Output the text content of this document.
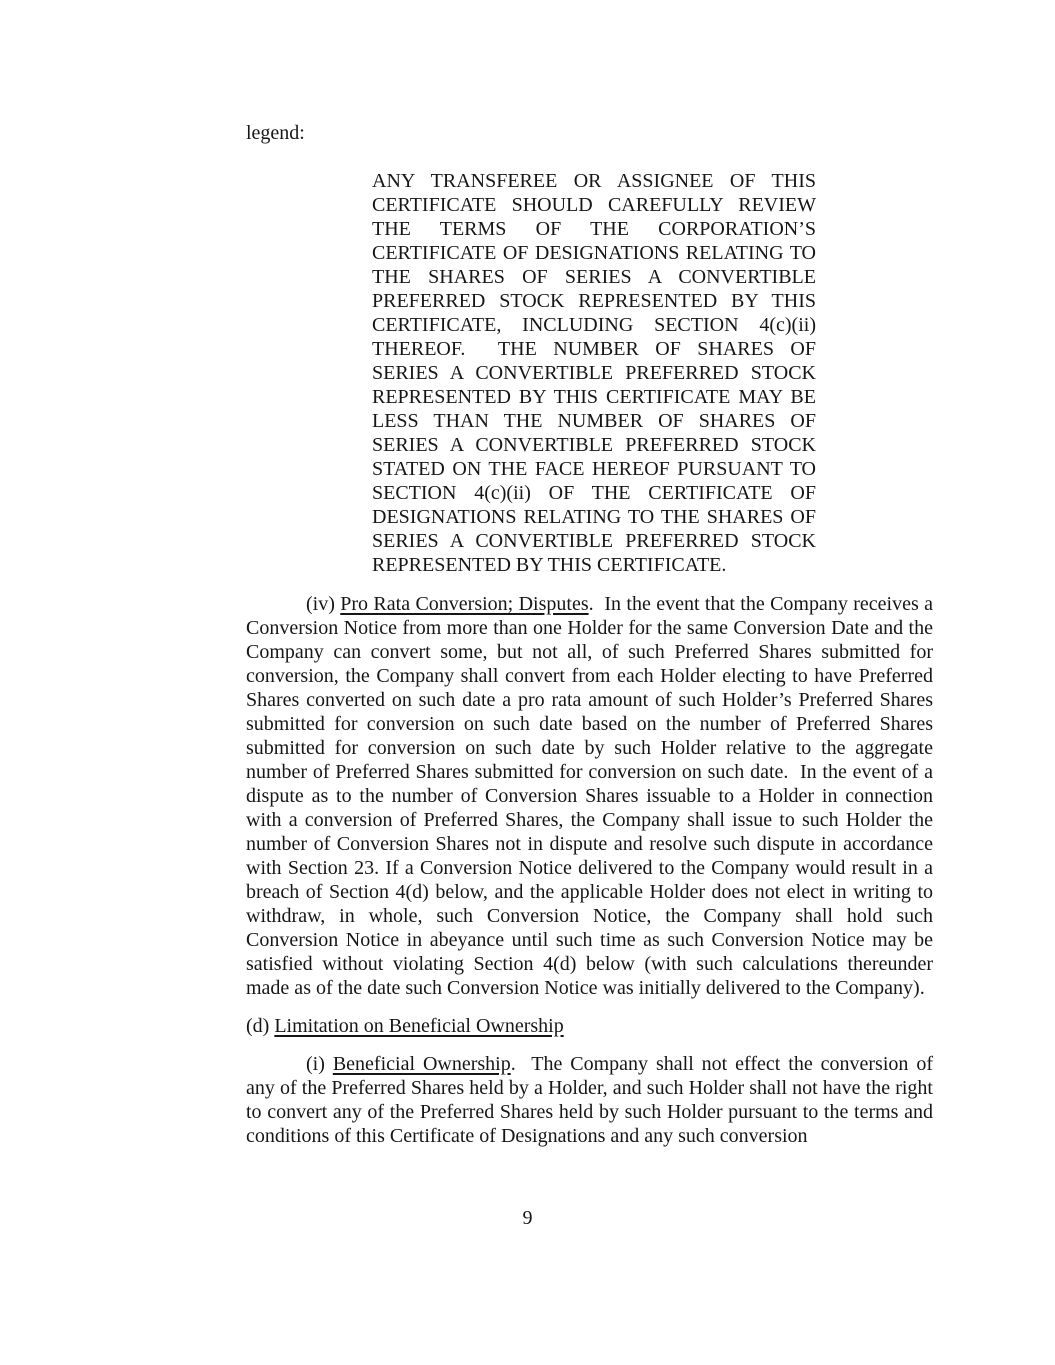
legend:

ANY TRANSFEREE OR ASSIGNEE OF THIS CERTIFICATE SHOULD CAREFULLY REVIEW THE TERMS OF THE CORPORATION’S CERTIFICATE OF DESIGNATIONS RELATING TO THE SHARES OF SERIES A CONVERTIBLE PREFERRED STOCK REPRESENTED BY THIS CERTIFICATE, INCLUDING SECTION 4(c)(ii) THEREOF.  THE NUMBER OF SHARES OF SERIES A CONVERTIBLE PREFERRED STOCK REPRESENTED BY THIS CERTIFICATE MAY BE LESS THAN THE NUMBER OF SHARES OF SERIES A CONVERTIBLE PREFERRED STOCK STATED ON THE FACE HEREOF PURSUANT TO SECTION 4(c)(ii) OF THE CERTIFICATE OF DESIGNATIONS RELATING TO THE SHARES OF SERIES A CONVERTIBLE PREFERRED STOCK REPRESENTED BY THIS CERTIFICATE.

(iv) Pro Rata Conversion; Disputes.  In the event that the Company receives a Conversion Notice from more than one Holder for the same Conversion Date and the Company can convert some, but not all, of such Preferred Shares submitted for conversion, the Company shall convert from each Holder electing to have Preferred Shares converted on such date a pro rata amount of such Holder’s Preferred Shares submitted for conversion on such date based on the number of Preferred Shares submitted for conversion on such date by such Holder relative to the aggregate number of Preferred Shares submitted for conversion on such date.  In the event of a dispute as to the number of Conversion Shares issuable to a Holder in connection with a conversion of Preferred Shares, the Company shall issue to such Holder the number of Conversion Shares not in dispute and resolve such dispute in accordance with Section 23. If a Conversion Notice delivered to the Company would result in a breach of Section 4(d) below, and the applicable Holder does not elect in writing to withdraw, in whole, such Conversion Notice, the Company shall hold such Conversion Notice in abeyance until such time as such Conversion Notice may be satisfied without violating Section 4(d) below (with such calculations thereunder made as of the date such Conversion Notice was initially delivered to the Company).

(d) Limitation on Beneficial Ownership

(i) Beneficial Ownership.  The Company shall not effect the conversion of any of the Preferred Shares held by a Holder, and such Holder shall not have the right to convert any of the Preferred Shares held by such Holder pursuant to the terms and conditions of this Certificate of Designations and any such conversion

9
